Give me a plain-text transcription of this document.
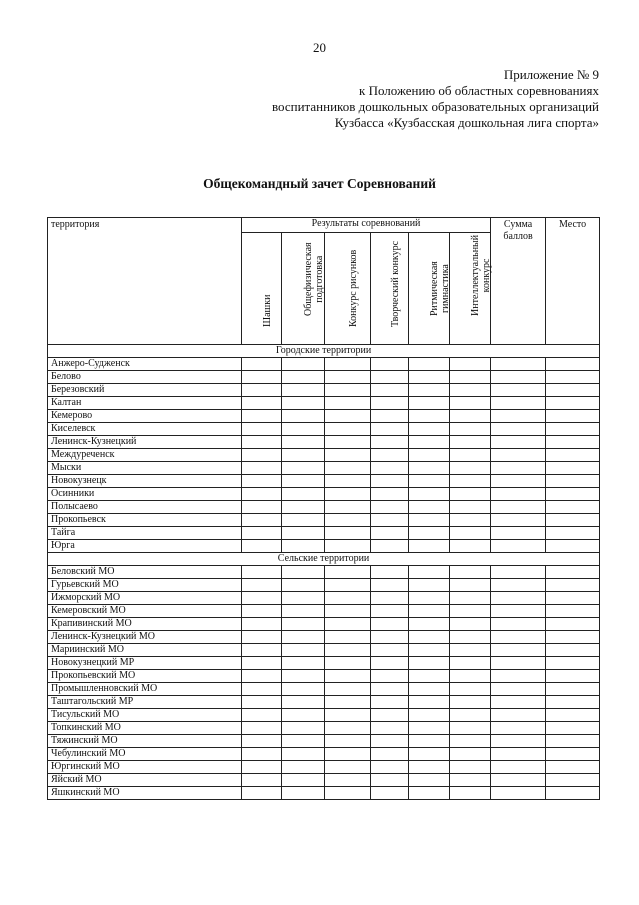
20
Приложение № 9
к Положению об областных соревнованиях
воспитанников дошкольных образовательных организаций
Кузбасса «Кузбасская дошкольная лига спорта»
Общекомандный зачет Соревнований
территория	Результаты соревнований						Сумма баллов	Место

	Шашки	Общефизическая подготовка	Конкурс рисунков	Творческий конкурс	Ритмическая гимнастика	Интеллектуальный конкурс		

Городские территории								
Анжеро-Судженск								
Белово								
Березовский								
Калтан								
Кемерово								
Киселевск								
Ленинск-Кузнецкий								
Междуреченск								
Мыски								
Новокузнецк								
Осинники								
Полысаево								
Прокопьевск								
Тайга								
Юрга								
Сельские территории								
Беловский МО								
Гурьевский МО								
Ижморский МО								
Кемеровский МО								
Крапивинский МО								
Ленинск-Кузнецкий МО								
Мариинский МО								
Новокузнецкий МР								
Прокопьевский МО								
Промышленновский МО								
Таштагольский МР								
Тисульский МО								
Топкинский МО								
Тяжинский МО								
Чебулинский МО								
Юргинский МО								
Яйский МО								
Яшкинский МО								
